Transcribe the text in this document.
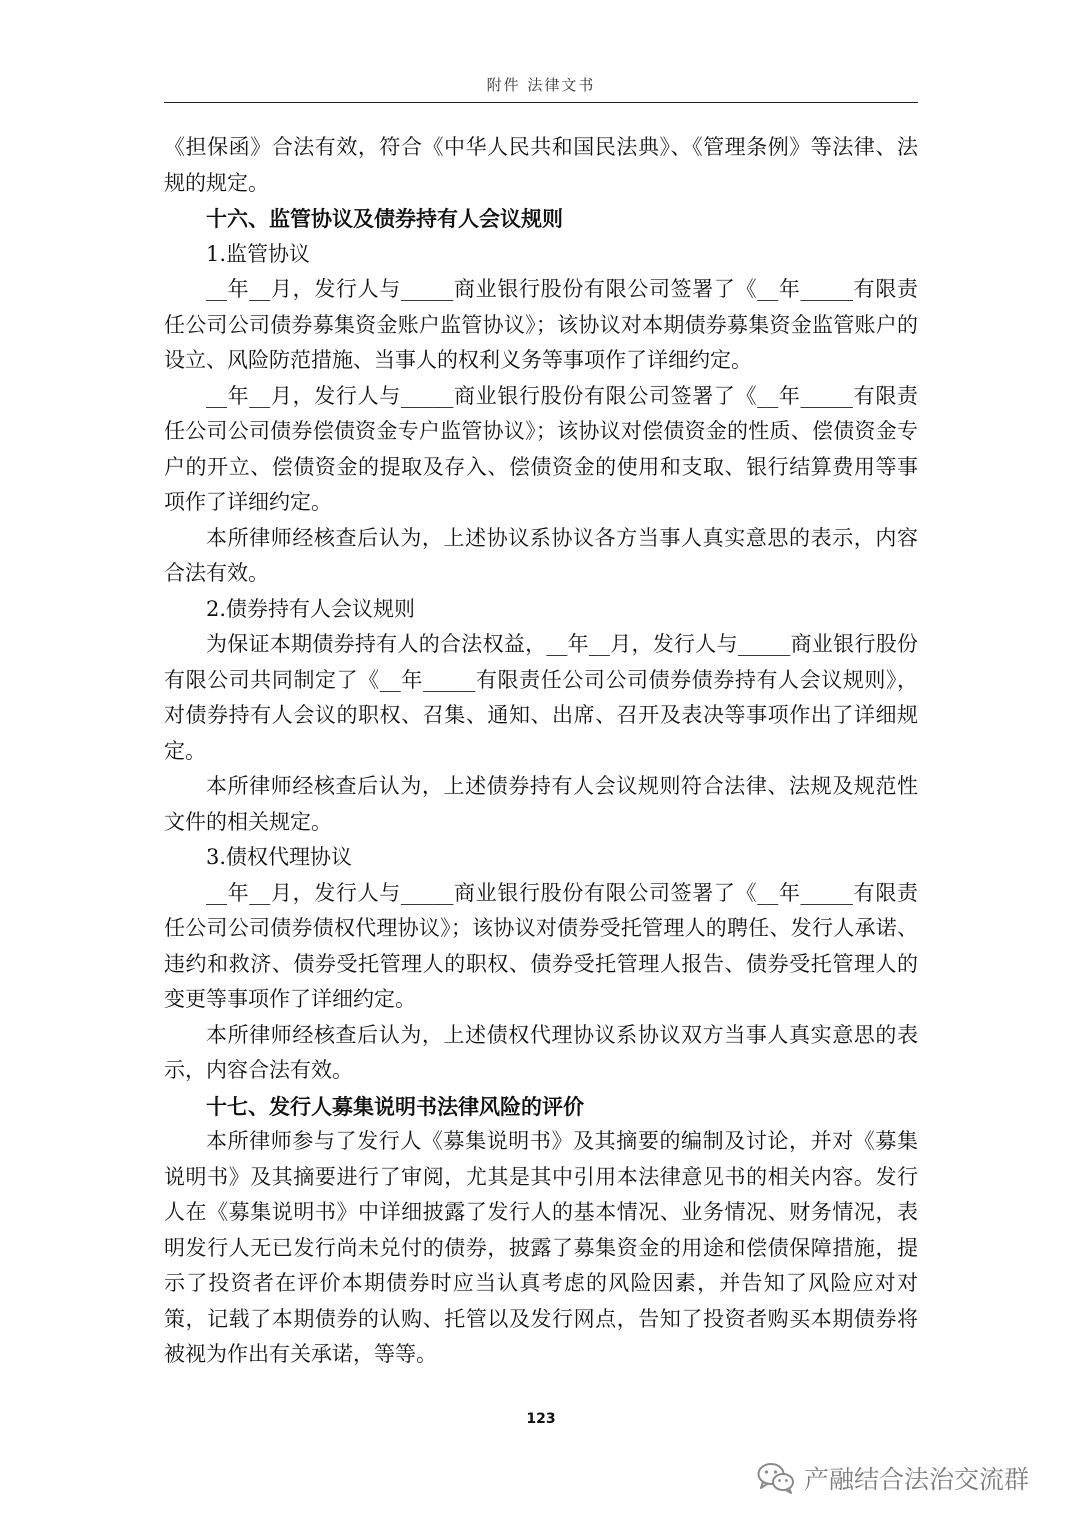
附件 法律文书

《担保函》合法有效，符合《中华人民共和国民法典》、《管理条例》等法律、法规的规定。

十六、监管协议及债券持有人会议规则

1.监管协议

__年__月，发行人与_____商业银行股份有限公司签署了《__年_____有限责任公司公司债券募集资金账户监管协议》；该协议对本期债券募集资金监管账户的设立、风险防范措施、当事人的权利义务等事项作了详细约定。

__年__月，发行人与_____商业银行股份有限公司签署了《__年_____有限责任公司公司债券偿债资金专户监管协议》；该协议对偿债资金的性质、偿债资金专户的开立、偿债资金的提取及存入、偿债资金的使用和支取、银行结算费用等事项作了详细约定。

本所律师经核查后认为，上述协议系协议各方当事人真实意思的表示，内容合法有效。

2.债券持有人会议规则

为保证本期债券持有人的合法权益，__年__月，发行人与_____商业银行股份有限公司共同制定了《__年_____有限责任公司公司债券债券持有人会议规则》，对债券持有人会议的职权、召集、通知、出席、召开及表决等事项作出了详细规定。

本所律师经核查后认为，上述债券持有人会议规则符合法律、法规及规范性文件的相关规定。

3.债权代理协议

__年__月，发行人与_____商业银行股份有限公司签署了《__年_____有限责任公司公司债券债权代理协议》；该协议对债券受托管理人的聘任、发行人承诺、违约和救济、债券受托管理人的职权、债券受托管理人报告、债券受托管理人的变更等事项作了详细约定。

本所律师经核查后认为，上述债权代理协议系协议双方当事人真实意思的表示，内容合法有效。

十七、发行人募集说明书法律风险的评价

本所律师参与了发行人《募集说明书》及其摘要的编制及讨论，并对《募集说明书》及其摘要进行了审阅，尤其是其中引用本法律意见书的相关内容。发行人在《募集说明书》中详细披露了发行人的基本情况、业务情况、财务情况，表明发行人无已发行尚未兑付的债券，披露了募集资金的用途和偿债保障措施，提示了投资者在评价本期债券时应当认真考虑的风险因素，并告知了风险应对对策，记载了本期债券的认购、托管以及发行网点，告知了投资者购买本期债券将被视为作出有关承诺，等等。

123
产融结合法治交流群
